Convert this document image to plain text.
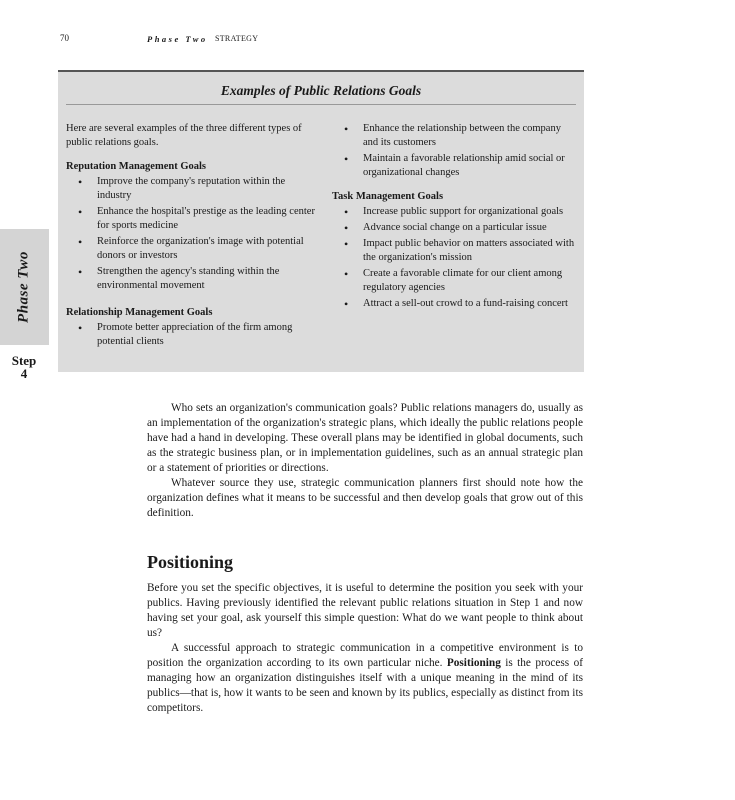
70	Phase Two STRATEGY
Phase Two
Step
4
Examples of Public Relations Goals

Here are several examples of the three different types of public relations goals.

Reputation Management Goals
• Improve the company's reputation within the industry
• Enhance the hospital's prestige as the leading center for sports medicine
• Reinforce the organization's image with potential donors or investors
• Strengthen the agency's standing within the environmental movement
Relationship Management Goals
• Promote better appreciation of the firm among potential clients
• Enhance the relationship between the company and its customers
• Maintain a favorable relationship amid social or organizational changes
Task Management Goals
• Increase public support for organizational goals
• Advance social change on a particular issue
• Impact public behavior on matters associated with the organization's mission
• Create a favorable climate for our client among regulatory agencies
• Attract a sell-out crowd to a fund-raising concert

Who sets an organization's communication goals? Public relations managers do, usually as an implementation of the organization's strategic plans, which ideally the public relations people have had a hand in developing. These overall plans may be identified in global documents, such as the strategic business plan, or in implementation guidelines, such as an annual strategic plan or a statement of priorities or directions.

Whatever source they use, strategic communication planners first should note how the organization defines what it means to be successful and then develop goals that grow out of this definition.

Positioning

Before you set the specific objectives, it is useful to determine the position you seek with your publics. Having previously identified the relevant public relations situation in Step 1 and now having set your goal, ask yourself this simple question: What do we want people to think about us?

A successful approach to strategic communication in a competitive environment is to position the organization according to its own particular niche. Positioning is the process of managing how an organization distinguishes itself with a unique meaning in the mind of its publics—that is, how it wants to be seen and known by its publics, especially as distinct from its competitors.
